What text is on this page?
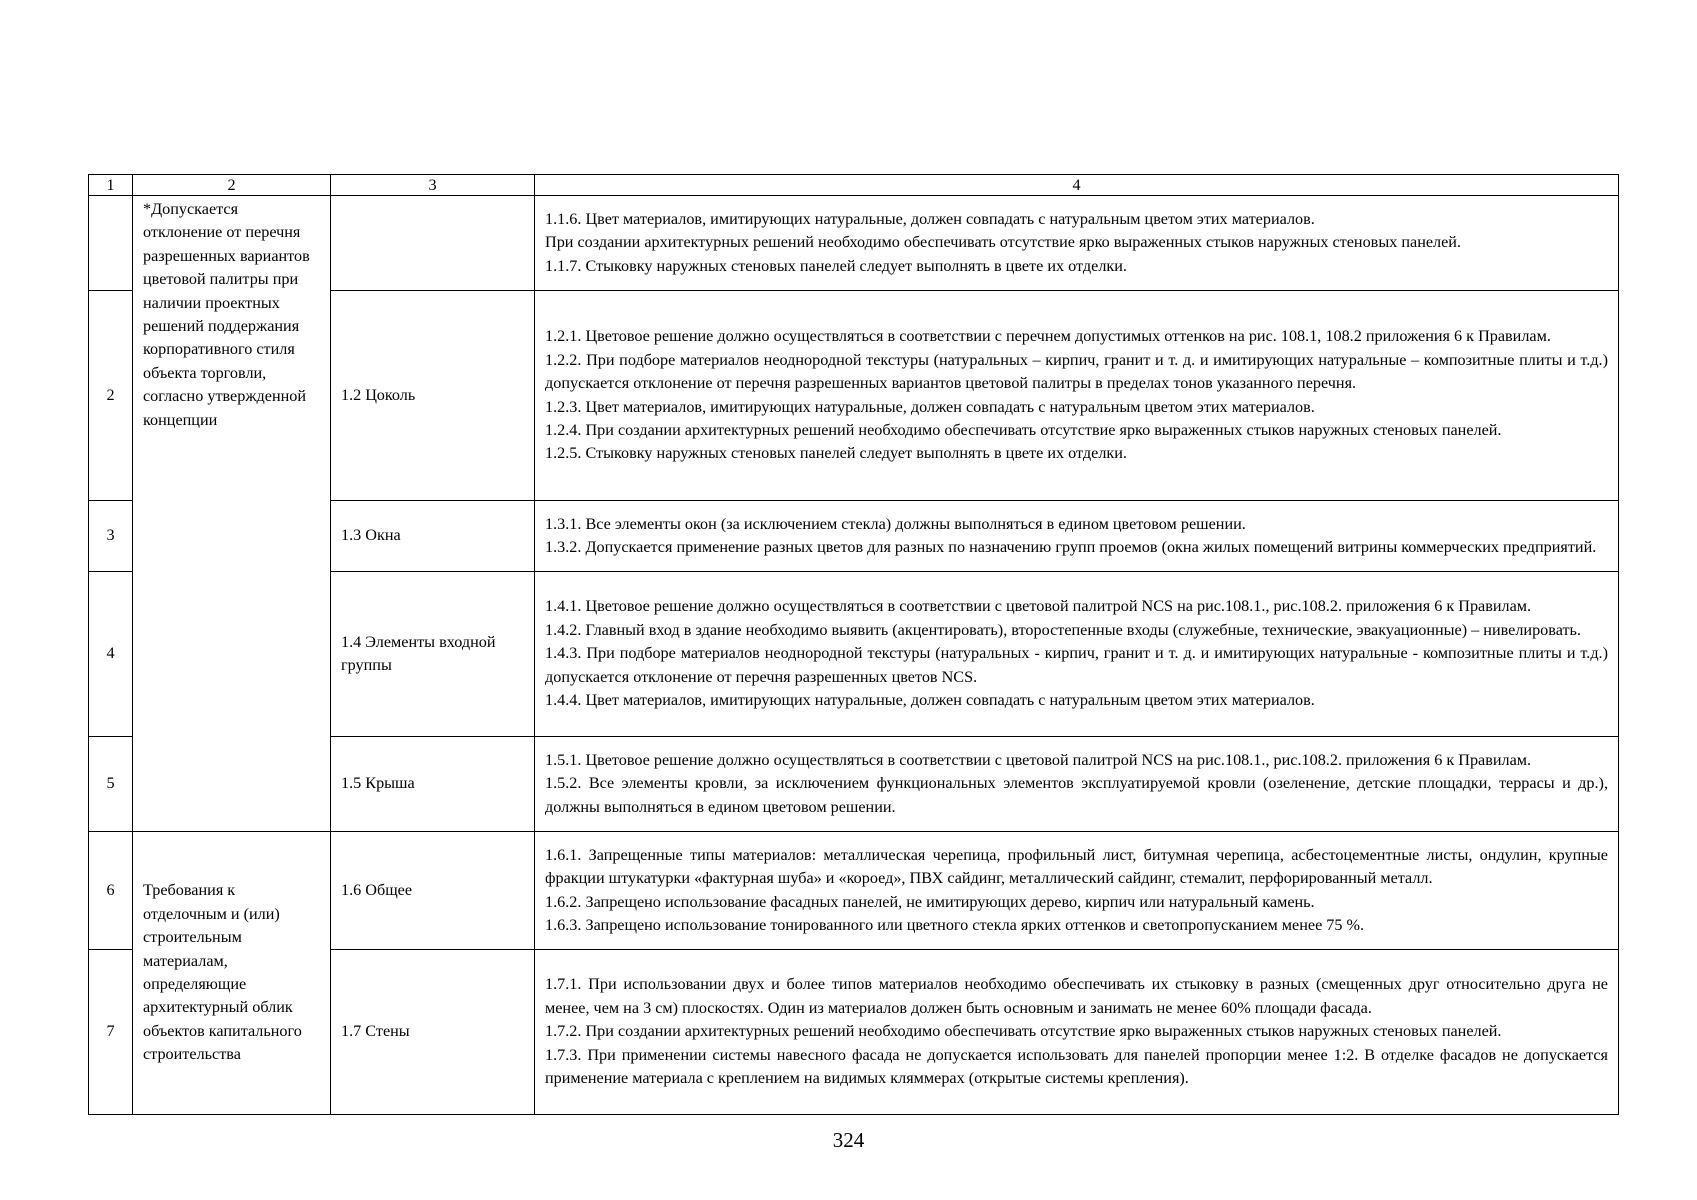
1	2	3	4
	*Допускается отклонение от перечня разрешенных вариантов цветовой палитры при наличии проектных решений поддержания корпоративного стиля объекта торговли, согласно утвержденной концепции		1.1.6. Цвет материалов, имитирующих натуральные, должен совпадать с натуральным цветом этих материалов.

При создании архитектурных решений необходимо обеспечивать отсутствие ярко выраженных стыков наружных стеновых панелей.

1.1.7. Стыковку наружных стеновых панелей следует выполнять в цвете их отделки.

2		1.2 Цоколь	1.2.1. Цветовое решение должно осуществляться в соответствии с перечнем допустимых оттенков на рис. 108.1, 108.2 приложения 6 к Правилам.

1.2.2. При подборе материалов неоднородной текстуры (натуральных – кирпич, гранит и т. д. и имитирующих натуральные – композитные плиты и т.д.) допускается отклонение от перечня разрешенных вариантов цветовой палитры в пределах тонов указанного перечня.

1.2.3. Цвет материалов, имитирующих натуральные, должен совпадать с натуральным цветом этих материалов.

1.2.4. При создании архитектурных решений необходимо обеспечивать отсутствие ярко выраженных стыков наружных стеновых панелей.

1.2.5. Стыковку наружных стеновых панелей следует выполнять в цвете их отделки.

3		1.3 Окна	1.3.1. Все элементы окон (за исключением стекла) должны выполняться в едином цветовом решении.

1.3.2. Допускается применение разных цветов для разных по назначению групп проемов (окна жилых помещений витрины коммерческих предприятий.

4		1.4 Элементы входной группы	1.4.1. Цветовое решение должно осуществляться в соответствии с цветовой палитрой NCS на рис.108.1., рис.108.2. приложения 6 к Правилам.

1.4.2. Главный вход в здание необходимо выявить (акцентировать), второстепенные входы (служебные, технические, эвакуационные) – нивелировать.

1.4.3. При подборе материалов неоднородной текстуры (натуральных - кирпич, гранит и т. д. и имитирующих натуральные - композитные плиты и т.д.) допускается отклонение от перечня разрешенных цветов NCS.

1.4.4. Цвет материалов, имитирующих натуральные, должен совпадать с натуральным цветом этих материалов.

5		1.5 Крыша	1.5.1. Цветовое решение должно осуществляться в соответствии с цветовой палитрой NCS на рис.108.1., рис.108.2. приложения 6 к Правилам.

1.5.2. Все элементы кровли, за исключением функциональных элементов эксплуатируемой кровли (озеленение, детские площадки, террасы и др.), должны выполняться в едином цветовом решении.

6	Требования к отделочным и (или) строительным материалам, определяющие архитектурный облик объектов капитального строительства	1.6 Общее	1.6.1. Запрещенные типы материалов: металлическая черепица, профильный лист, битумная черепица, асбестоцементные листы, ондулин, крупные фракции штукатурки «фактурная шуба» и «короед», ПВХ сайдинг, металлический сайдинг, стемалит, перфорированный металл.

1.6.2. Запрещено использование фасадных панелей, не имитирующих дерево, кирпич или натуральный камень.

1.6.3. Запрещено использование тонированного или цветного стекла ярких оттенков и светопропусканием менее 75 %.

7		1.7 Стены	1.7.1. При использовании двух и более типов материалов необходимо обеспечивать их стыковку в разных (смещенных друг относительно друга не менее, чем на 3 см) плоскостях. Один из материалов должен быть основным и занимать не менее 60% площади фасада.

1.7.2. При создании архитектурных решений необходимо обеспечивать отсутствие ярко выраженных стыков наружных стеновых панелей.

1.7.3. При применении системы навесного фасада не допускается использовать для панелей пропорции менее 1:2. В отделке фасадов не допускается применение материала с креплением на видимых кляммерах (открытые системы крепления).

324
